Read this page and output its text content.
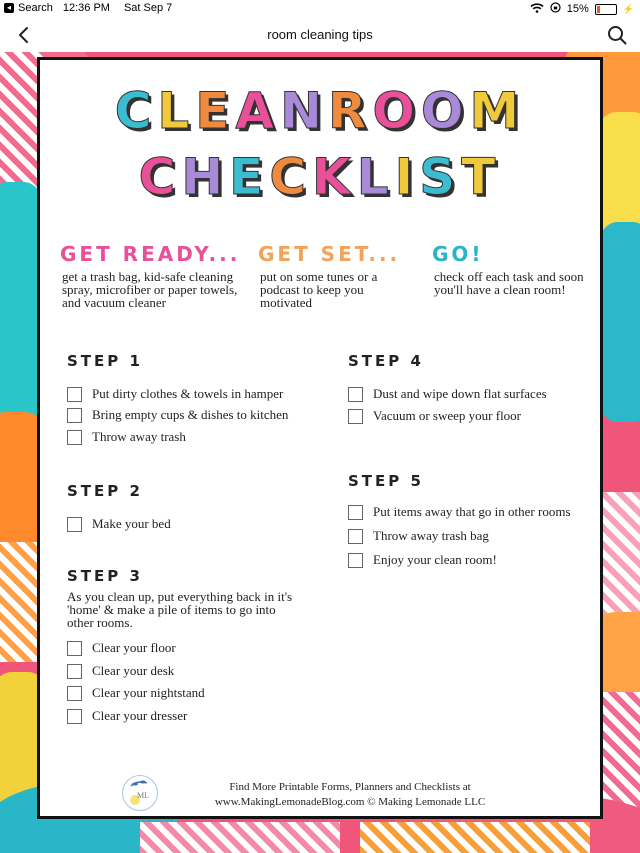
◂ Search 12:36 PM Sat Sep 7	15%	⚡
room cleaning tips
CLEANROOM
CHECKLIST
GET READY...
get a trash bag, kid-safe cleaning spray, microfiber or paper towels, and vacuum cleaner
GET SET...
put on some tunes or a podcast to keep you motivated
GO!
check off each task and soon you'll have a clean room!
STEP 1
Put dirty clothes & towels in hamper
Bring empty cups & dishes to kitchen
Throw away trash
STEP 2
Make your bed
STEP 3
As you clean up, put everything back in it's 'home' & make a pile of items to go into other rooms.
Clear your floor
Clear your desk
Clear your nightstand
Clear your dresser
STEP 4
Dust and wipe down flat surfaces
Vacuum or sweep your floor
STEP 5
Put items away that go in other rooms
Throw away trash bag
Enjoy your clean room!
ML
Find More Printable Forms, Planners and Checklists at
www.MakingLemonadeBlog.com © Making Lemonade LLC
